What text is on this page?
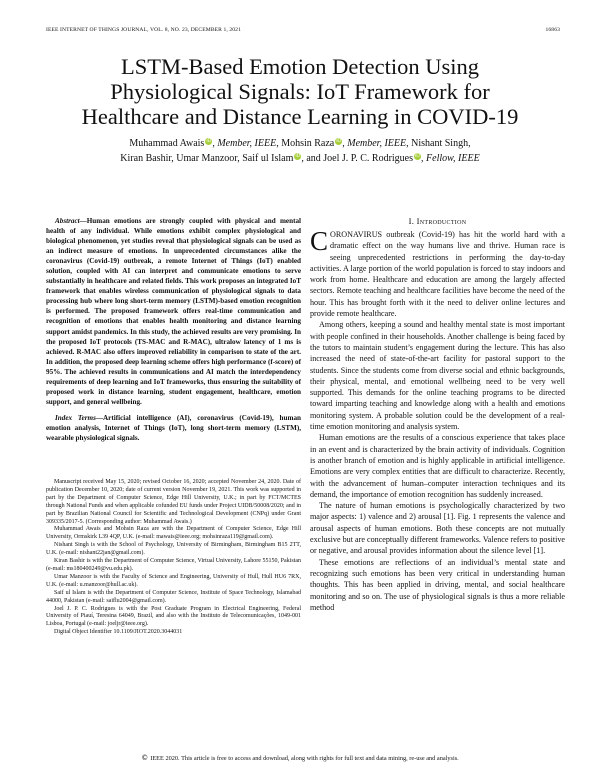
IEEE INTERNET OF THINGS JOURNAL, VOL. 8, NO. 23, DECEMBER 1, 2021	16863
LSTM-Based Emotion Detection Using
Physiological Signals: IoT Framework for
Healthcare and Distance Learning in COVID-19
Muhammad Awais iD, Member, IEEE, Mohsin Raza iD, Member, IEEE, Nishant Singh,
Kiran Bashir, Umar Manzoor, Saif ul Islam iD, and Joel J. P. C. Rodrigues iD, Fellow, IEEE

Abstract—Human emotions are strongly coupled with physical and mental health of any individual. While emotions exhibit complex physiological and biological phenomenon, yet studies reveal that physiological signals can be used as an indirect measure of emotions. In unprecedented circumstances alike the coronavirus (Covid-19) outbreak, a remote Internet of Things (IoT) enabled solution, coupled with AI can interpret and communicate emotions to serve substantially in healthcare and related fields. This work proposes an integrated IoT framework that enables wireless communication of physiological signals to data processing hub where long short-term memory (LSTM)-based emotion recognition is performed. The proposed framework offers real-time communication and recognition of emotions that enables health monitoring and distance learning support amidst pandemics. In this study, the achieved results are very promising. In the proposed IoT protocols (TS-MAC and R-MAC), ultralow latency of 1 ms is achieved. R-MAC also offers improved reliability in comparison to state of the art. In addition, the proposed deep learning scheme offers high performance (f-score) of 95%. The achieved results in communications and AI match the interdependency requirements of deep learning and IoT frameworks, thus ensuring the suitability of proposed work in distance learning, student engagement, healthcare, emotion support, and general wellbeing.

Index Terms—Artificial intelligence (AI), coronavirus (Covid-19), human emotion analysis, Internet of Things (IoT), long short-term memory (LSTM), wearable physiological signals.

Manuscript received May 15, 2020; revised October 16, 2020; accepted November 24, 2020. Date of publication December 10, 2020; date of current version November 19, 2021. This work was supported in part by the Department of Computer Science, Edge Hill University, U.K.; in part by FCT/MCTES through National Funds and when applicable cofunded EU funds under Project UIDB/50008/2020; and in part by Brazilian National Council for Scientific and Technological Development (CNPq) under Grant 309335/2017-5. (Corresponding author: Muhammad Awais.)

Muhammad Awais and Mohsin Raza are with the Department of Computer Science, Edge Hill University, Ormskirk L39 4QP, U.K. (e-mail: mawais@ieee.org; mohsinraza119@gmail.com).

Nishant Singh is with the School of Psychology, University of Birmingham, Birmingham B15 2TT, U.K. (e-mail: nishant22jan@gmail.com).

Kiran Bashir is with the Department of Computer Science, Virtual University, Lahore 55150, Pakistan (e-mail: ms180400249@vu.edu.pk).

Umar Manzoor is with the Faculty of Science and Engineering, University of Hull, Hull HU6 7RX, U.K. (e-mail: u.manzoor@hull.ac.uk).

Saif ul Islam is with the Department of Computer Science, Institute of Space Technology, Islamabad 44000, Pakistan (e-mail: saiflu2004@gmail.com).

Joel J. P. C. Rodrigues is with the Post Graduate Program in Electrical Engineering, Federal University of Piauí, Teresina 64049, Brazil, and also with the Instituto de Telecomunicações, 1049-001 Lisboa, Portugal (e-mail: joeljr@ieee.org).

Digital Object Identifier 10.1109/JIOT.2020.3044031

I. Introduction

CORONAVIRUS outbreak (Covid-19) has hit the world hard with a dramatic effect on the way humans live and thrive. Human race is seeing unprecedented restrictions in performing the day-to-day activities. A large portion of the world population is forced to stay indoors and work from home. Healthcare and education are among the largely affected sectors. Remote teaching and healthcare facilities have become the need of the hour. This has brought forth with it the need to deliver online lectures and provide remote healthcare.

Among others, keeping a sound and healthy mental state is most important with people confined in their households. Another challenge is being faced by the tutors to maintain student’s engagement during the lecture. This has also increased the need of state-of-the-art facility for pastoral support to the students. Since the students come from diverse social and ethnic backgrounds, their physical, mental, and emotional wellbeing need to be very well supported. This demands for the online teaching programs to be directed toward imparting teaching and knowledge along with a health and emotions monitoring system. A probable solution could be the development of a real-time emotion monitoring and analysis system.

Human emotions are the results of a conscious experience that takes place in an event and is characterized by the brain activity of individuals. Cognition is another branch of emotion and is highly applicable in artificial intelligence. Emotions are very complex entities that are difficult to characterize. Recently, with the advancement of human–computer interaction techniques and its demand, the importance of emotion recognition has suddenly increased.

The nature of human emotions is psychologically characterized by two major aspects: 1) valence and 2) arousal [1]. Fig. 1 represents the valence and arousal aspects of human emotions. Both these concepts are not mutually exclusive but are conceptually different frameworks. Valence refers to positive or negative, and arousal provides information about the silence level [1].

These emotions are reflections of an individual’s mental state and recognizing such emotions has been very critical in understanding human thoughts. This has been applied in driving, mental, and social healthcare monitoring and so on. The use of physiological signals is thus a more reliable method

© IEEE 2020. This article is free to access and download, along with rights for full text and data mining, re-use and analysis.
